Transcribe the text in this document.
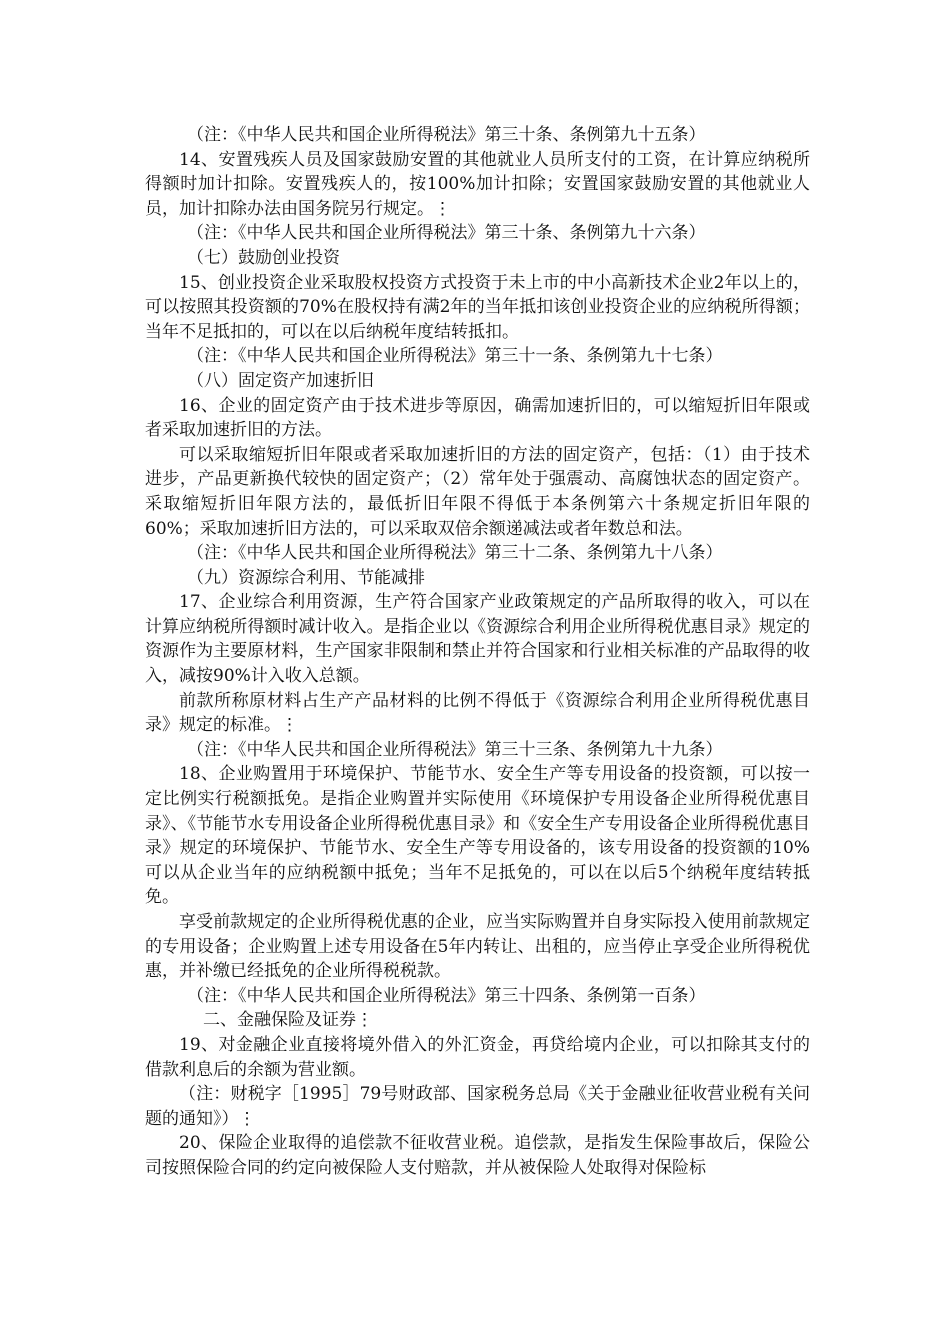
（注：《中华人民共和国企业所得税法》第三十条、条例第九十五条）

14、安置残疾人员及国家鼓励安置的其他就业人员所支付的工资，在计算应纳税所得额时加计扣除。安置残疾人的，按100%加计扣除；安置国家鼓励安置的其他就业人员，加计扣除办法由国务院另行规定。⋮

（注：《中华人民共和国企业所得税法》第三十条、条例第九十六条）

（七）鼓励创业投资

15、创业投资企业采取股权投资方式投资于未上市的中小高新技术企业2年以上的，可以按照其投资额的70%在股权持有满2年的当年抵扣该创业投资企业的应纳税所得额；当年不足抵扣的，可以在以后纳税年度结转抵扣。

（注：《中华人民共和国企业所得税法》第三十一条、条例第九十七条）

（八）固定资产加速折旧

16、企业的固定资产由于技术进步等原因，确需加速折旧的，可以缩短折旧年限或者采取加速折旧的方法。

可以采取缩短折旧年限或者采取加速折旧的方法的固定资产，包括：（1）由于技术进步，产品更新换代较快的固定资产；（2）常年处于强震动、高腐蚀状态的固定资产。采取缩短折旧年限方法的，最低折旧年限不得低于本条例第六十条规定折旧年限的60%；采取加速折旧方法的，可以采取双倍余额递减法或者年数总和法。

（注：《中华人民共和国企业所得税法》第三十二条、条例第九十八条）

（九）资源综合利用、节能减排

17、企业综合利用资源，生产符合国家产业政策规定的产品所取得的收入，可以在计算应纳税所得额时减计收入。是指企业以《资源综合利用企业所得税优惠目录》规定的资源作为主要原材料，生产国家非限制和禁止并符合国家和行业相关标准的产品取得的收入，减按90%计入收入总额。

前款所称原材料占生产产品材料的比例不得低于《资源综合利用企业所得税优惠目录》规定的标准。⋮

（注：《中华人民共和国企业所得税法》第三十三条、条例第九十九条）

18、企业购置用于环境保护、节能节水、安全生产等专用设备的投资额，可以按一定比例实行税额抵免。是指企业购置并实际使用《环境保护专用设备企业所得税优惠目录》、《节能节水专用设备企业所得税优惠目录》和《安全生产专用设备企业所得税优惠目录》规定的环境保护、节能节水、安全生产等专用设备的，该专用设备的投资额的10%可以从企业当年的应纳税额中抵免；当年不足抵免的，可以在以后5个纳税年度结转抵免。

享受前款规定的企业所得税优惠的企业，应当实际购置并自身实际投入使用前款规定的专用设备；企业购置上述专用设备在5年内转让、出租的，应当停止享受企业所得税优惠，并补缴已经抵免的企业所得税税款。

（注：《中华人民共和国企业所得税法》第三十四条、条例第一百条）

二、金融保险及证券⋮

19、对金融企业直接将境外借入的外汇资金，再贷给境内企业，可以扣除其支付的借款利息后的余额为营业额。

（注：财税字［1995］79号财政部、国家税务总局《关于金融业征收营业税有关问题的通知》）⋮

20、保险企业取得的追偿款不征收营业税。追偿款，是指发生保险事故后，保险公司按照保险合同的约定向被保险人支付赔款，并从被保险人处取得对保险标
